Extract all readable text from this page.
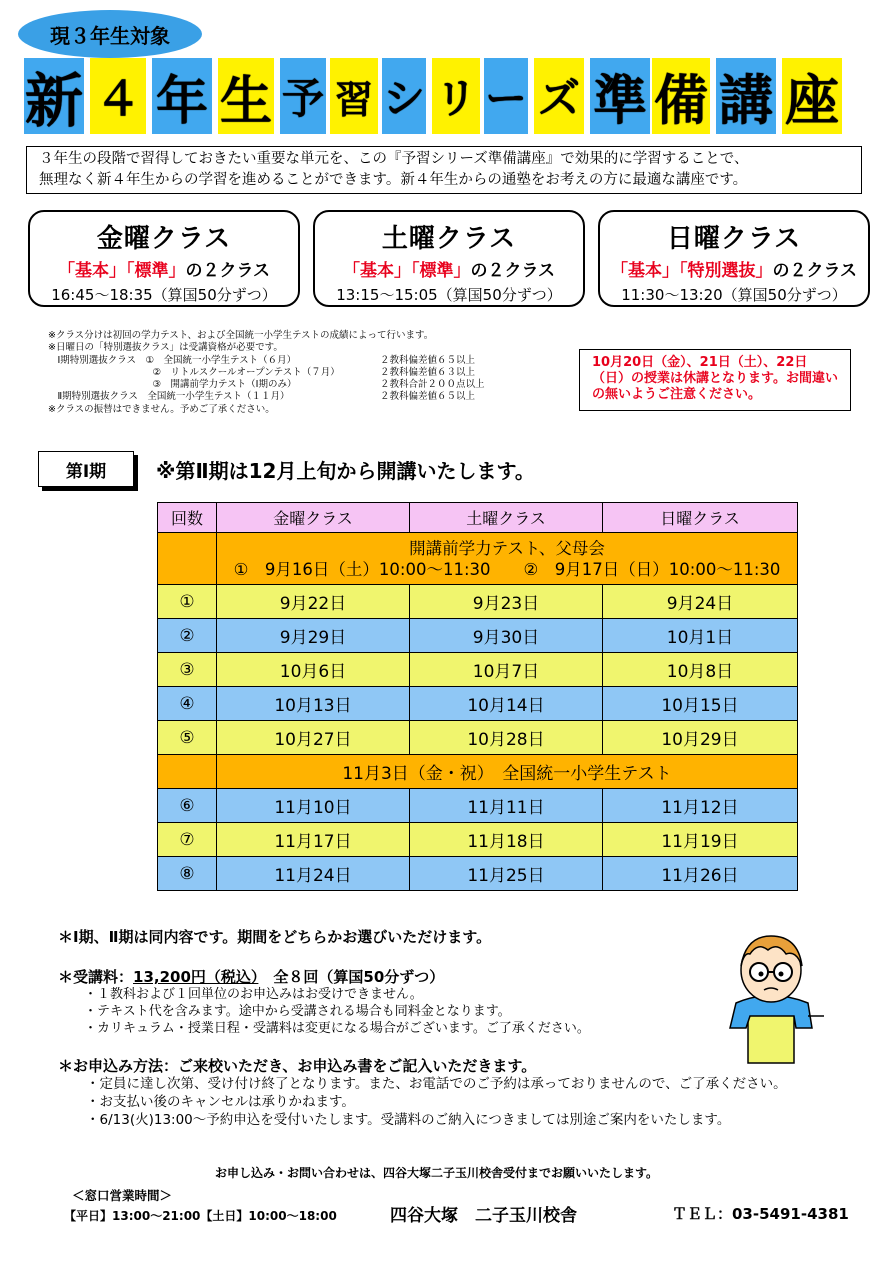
現３年生対象
新 ４ 年 生 予 習 シ リ ー ズ 準 備 講 座
３年生の段階で習得しておきたい重要な単元を、この『予習シリーズ準備講座』で効果的に学習することで、
無理なく新４年生からの学習を進めることができます。新４年生からの通塾をお考えの方に最適な講座です。
金曜クラス
「基本」「標準」の２クラス
16:45～18:35（算国50分ずつ）
土曜クラス
「基本」「標準」の２クラス
13:15～15:05（算国50分ずつ）
日曜クラス
「基本」「特別選抜」の２クラス
11:30～13:20（算国50分ずつ）
※クラス分けは初回の学力テスト、および全国統一小学生テストの成績によって行います。
※日曜日の「特別選抜クラス」は受講資格が必要です。
　Ⅰ期特別選抜クラス　①　全国統一小学生テスト（６月）	２教科偏差値６５以上
　　　　　　　　　　　②　リトルスクールオープンテスト（７月）	２教科偏差値６３以上
　　　　　　　　　　　③　開講前学力テスト（Ⅰ期のみ）	２教科合計２００点以上
　Ⅱ期特別選抜クラス　全国統一小学生テスト（１１月）	２教科偏差値６５以上
※クラスの振替はできません。予めご了承ください。
10月20日（金）、21日（土）、22日
（日）の授業は休講となります。お間違い
の無いようご注意ください。
第Ⅰ期	※第Ⅱ期は12月上旬から開講いたします。
回数	金曜クラス	土曜クラス	日曜クラス

	開講前学力テスト、父母会
①　9月16日（土）10:00～11:30　　②　9月17日（日）10:00～11:30		

①	9月22日	9月23日	9月24日
②	9月29日	9月30日	10月1日
③	10月6日	10月7日	10月8日
④	10月13日	10月14日	10月15日
⑤	10月27日	10月28日	10月29日
	11月3日（金・祝）　全国統一小学生テスト		
⑥	11月10日	11月11日	11月12日
⑦	11月17日	11月18日	11月19日
⑧	11月24日	11月25日	11月26日
＊Ⅰ期、Ⅱ期は同内容です。期間をどちらかお選びいただけます。
＊受講料：13,200円（税込）　全８回（算国50分ずつ）
・１教科および１回単位のお申込みはお受けできません。
・テキスト代を含みます。途中から受講される場合も同料金となります。
・カリキュラム・授業日程・受講料は変更になる場合がございます。ご了承ください。
＊お申込み方法：ご来校いただき、お申込み書をご記入いただきます。
・定員に達し次第、受け付け終了となります。また、お電話でのご予約は承っておりませんので、ご了承ください。
・お支払い後のキャンセルは承りかねます。
・6/13(火)13:00～予約申込を受付いたします。受講料のご納入につきましては別途ご案内をいたします。
お申し込み・お問い合わせは、四谷大塚二子玉川校舎受付までお願いいたします。
＜窓口営業時間＞
【平日】13:00～21:00【土日】10:00～18:00	四谷大塚　二子玉川校舎	ＴＥＬ：03-5491-4381
